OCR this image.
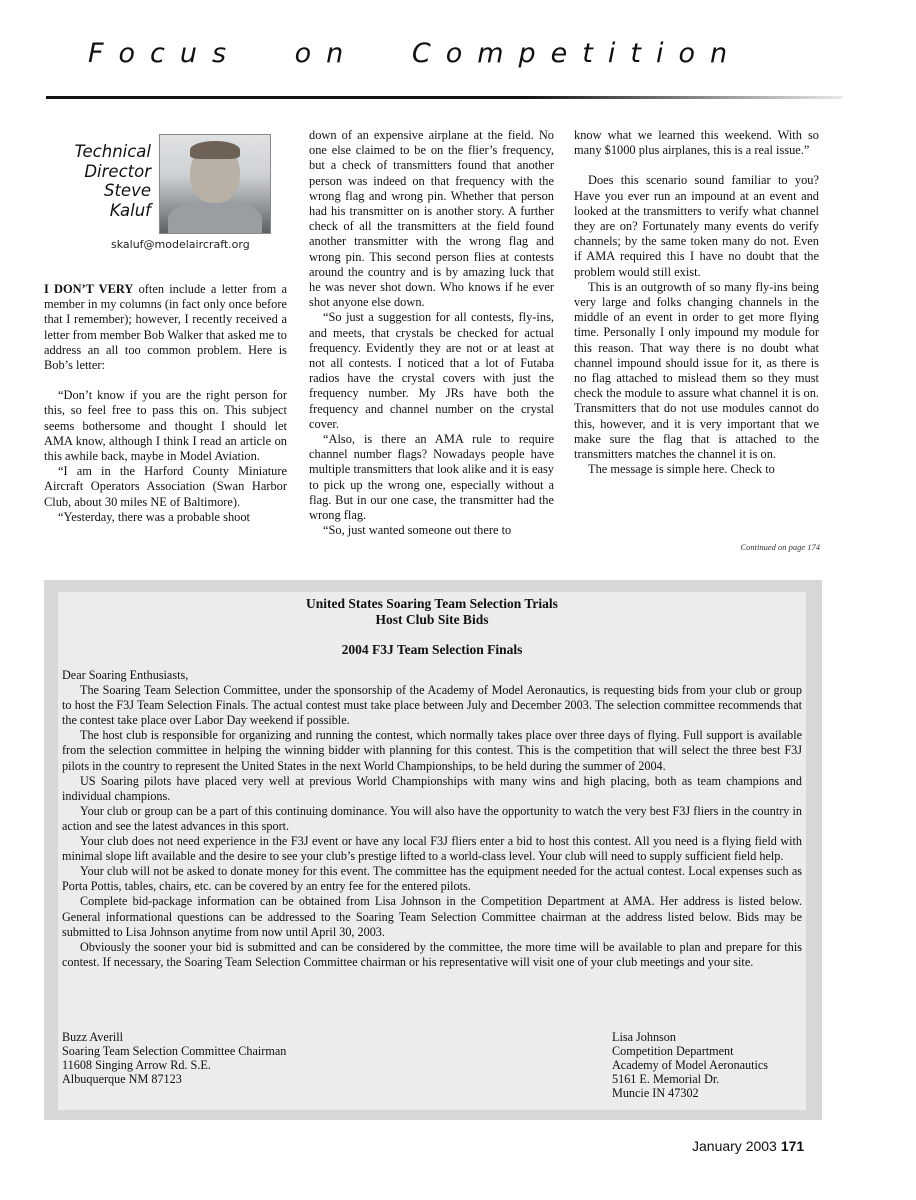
Focus on Competition
Technical
Director
Steve
Kaluf
skaluf@modelaircraft.org

I DON’T VERY often include a letter from a member in my columns (in fact only once before that I remember); however, I recently received a letter from member Bob Walker that asked me to address an all too common problem. Here is Bob’s letter:

“Don’t know if you are the right person for this, so feel free to pass this on. This subject seems bothersome and thought I should let AMA know, although I think I read an article on this awhile back, maybe in Model Aviation.

“I am in the Harford County Miniature Aircraft Operators Association (Swan Harbor Club, about 30 miles NE of Baltimore).

“Yesterday, there was a probable shoot

down of an expensive airplane at the field. No one else claimed to be on the flier’s frequency, but a check of transmitters found that another person was indeed on that frequency with the wrong flag and wrong pin. Whether that person had his transmitter on is another story. A further check of all the transmitters at the field found another transmitter with the wrong flag and wrong pin. This second person flies at contests around the country and is by amazing luck that he was never shot down. Who knows if he ever shot anyone else down.

“So just a suggestion for all contests, fly-ins, and meets, that crystals be checked for actual frequency. Evidently they are not or at least at not all contests. I noticed that a lot of Futaba radios have the crystal covers with just the frequency number. My JRs have both the frequency and channel number on the crystal cover.

“Also, is there an AMA rule to require channel number flags? Nowadays people have multiple transmitters that look alike and it is easy to pick up the wrong one, especially without a flag. But in our one case, the transmitter had the wrong flag.

“So, just wanted someone out there to

know what we learned this weekend. With so many $1000 plus airplanes, this is a real issue.”

Does this scenario sound familiar to you? Have you ever run an impound at an event and looked at the transmitters to verify what channel they are on? Fortunately many events do verify channels; by the same token many do not. Even if AMA required this I have no doubt that the problem would still exist.

This is an outgrowth of so many fly-ins being very large and folks changing channels in the middle of an event in order to get more flying time. Personally I only impound my module for this reason. That way there is no doubt what channel impound should issue for it, as there is no flag attached to mislead them so they must check the module to assure what channel it is on. Transmitters that do not use modules cannot do this, however, and it is very important that we make sure the flag that is attached to the transmitters matches the channel it is on.

The message is simple here. Check to

Continued on page 174
United States Soaring Team Selection Trials
Host Club Site Bids
2004 F3J Team Selection Finals

Dear Soaring Enthusiasts,

The Soaring Team Selection Committee, under the sponsorship of the Academy of Model Aeronautics, is requesting bids from your club or group to host the F3J Team Selection Finals. The actual contest must take place between July and December 2003. The selection committee recommends that the contest take place over Labor Day weekend if possible.

The host club is responsible for organizing and running the contest, which normally takes place over three days of flying. Full support is available from the selection committee in helping the winning bidder with planning for this contest. This is the competition that will select the three best F3J pilots in the country to represent the United States in the next World Championships, to be held during the summer of 2004.

US Soaring pilots have placed very well at previous World Championships with many wins and high placing, both as team champions and individual champions.

Your club or group can be a part of this continuing dominance. You will also have the opportunity to watch the very best F3J fliers in the country in action and see the latest advances in this sport.

Your club does not need experience in the F3J event or have any local F3J fliers enter a bid to host this contest. All you need is a flying field with minimal slope lift available and the desire to see your club’s prestige lifted to a world-class level. Your club will need to supply sufficient field help.

Your club will not be asked to donate money for this event. The committee has the equipment needed for the actual contest. Local expenses such as Porta Pottis, tables, chairs, etc. can be covered by an entry fee for the entered pilots.

Complete bid-package information can be obtained from Lisa Johnson in the Competition Department at AMA. Her address is listed below. General informational questions can be addressed to the Soaring Team Selection Committee chairman at the address listed below. Bids may be submitted to Lisa Johnson anytime from now until April 30, 2003.

Obviously the sooner your bid is submitted and can be considered by the committee, the more time will be available to plan and prepare for this contest. If necessary, the Soaring Team Selection Committee chairman or his representative will visit one of your club meetings and your site.

Buzz Averill
Soaring Team Selection Committee Chairman
11608 Singing Arrow Rd. S.E.
Albuquerque NM 87123
Lisa Johnson
Competition Department
Academy of Model Aeronautics
5161 E. Memorial Dr.
Muncie IN 47302
January 2003 171
